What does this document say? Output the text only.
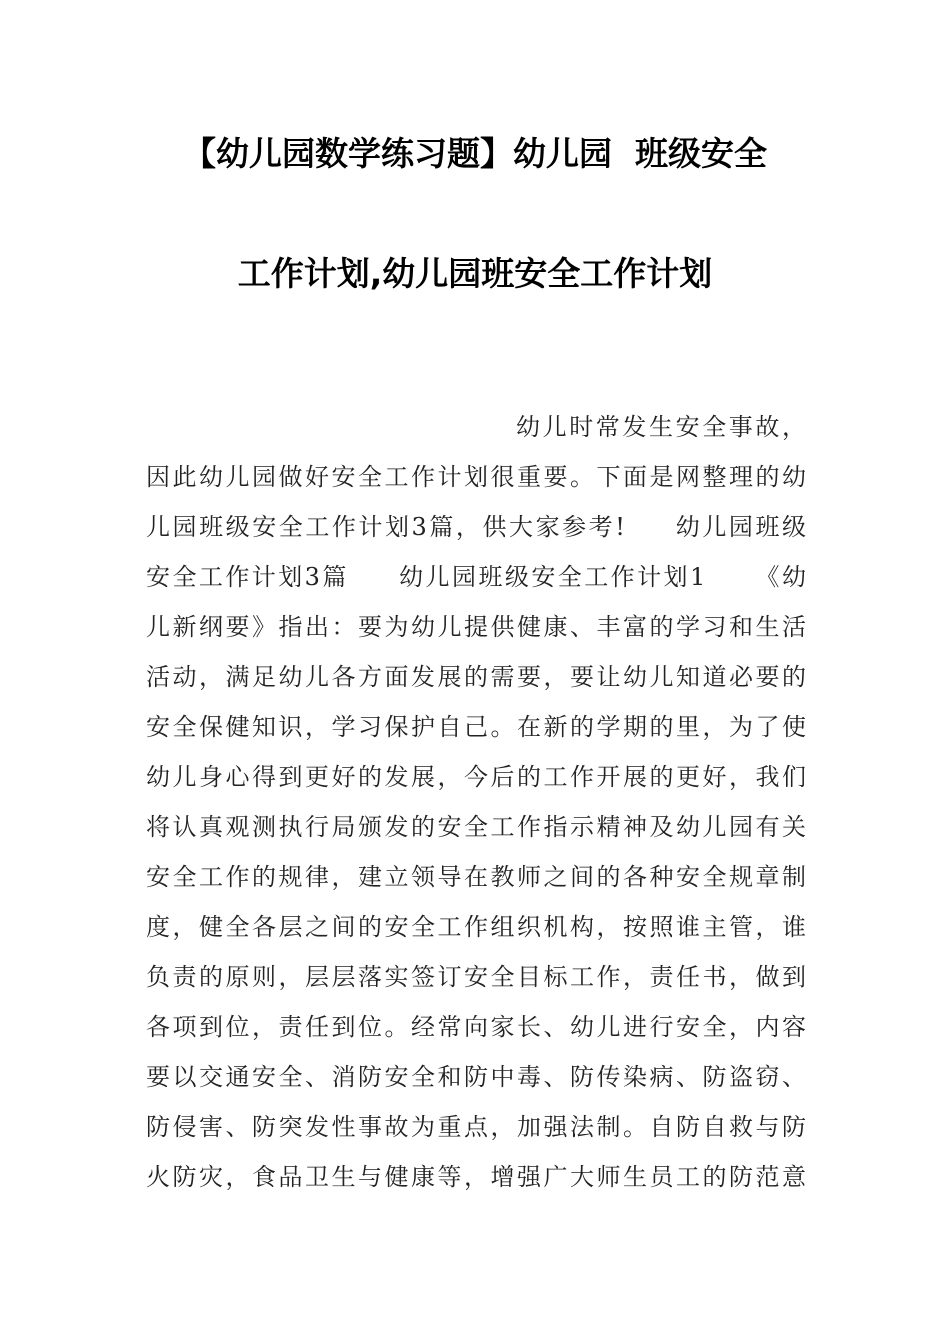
【幼儿园数学练习题】幼儿园  班级安全
工作计划,幼儿园班安全工作计划
幼儿时常发生安全事故，
因此幼儿园做好安全工作计划很重要。下面是网整理的幼
儿园班级安全工作计划3篇，供大家参考!     幼儿园班级
安全工作计划3篇     幼儿园班级安全工作计划1     《幼
儿新纲要》指出：要为幼儿提供健康、丰富的学习和生活
活动，满足幼儿各方面发展的需要，要让幼儿知道必要的
安全保健知识，学习保护自己。在新的学期的里，为了使
幼儿身心得到更好的发展，今后的工作开展的更好，我们
将认真观测执行局颁发的安全工作指示精神及幼儿园有关
安全工作的规律，建立领导在教师之间的各种安全规章制
度，健全各层之间的安全工作组织机构，按照谁主管，谁
负责的原则，层层落实签订安全目标工作，责任书，做到
各项到位，责任到位。经常向家长、幼儿进行安全，内容
要以交通安全、消防安全和防中毒、防传染病、防盗窃、
防侵害、防突发性事故为重点，加强法制。自防自救与防
火防灾，食品卫生与健康等，增强广大师生员工的防范意
